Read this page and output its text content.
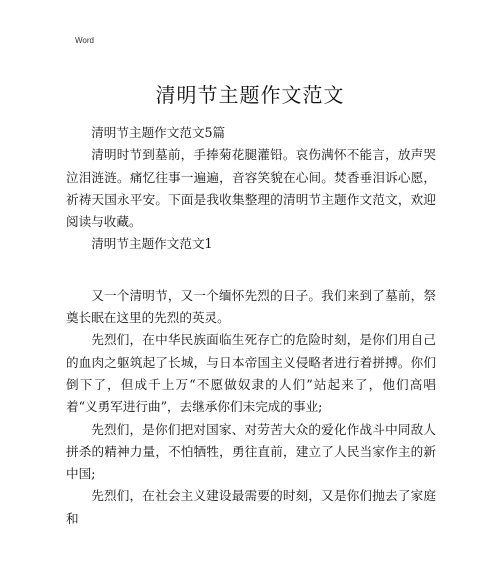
Word
清明节主题作文范文

清明节主题作文范文5篇

清明时节到墓前，手捧菊花腿灌铅。哀伤满怀不能言，放声哭泣泪涟涟。痛忆往事一遍遍，音容笑貌在心间。焚香垂泪诉心愿，祈祷天国永平安。下面是我收集整理的清明节主题作文范文，欢迎阅读与收藏。

清明节主题作文范文1

又一个清明节，又一个缅怀先烈的日子。我们来到了墓前，祭奠长眠在这里的先烈的英灵。

先烈们，在中华民族面临生死存亡的危险时刻，是你们用自己的血肉之躯筑起了长城，与日本帝国主义侵略者进行着拼搏。你们倒下了，但成千上万“不愿做奴隶的人们”站起来了，他们高唱着“义勇军进行曲”，去继承你们未完成的事业;

先烈们，是你们把对国家、对劳苦大众的爱化作战斗中同敌人拼杀的精神力量，不怕牺牲，勇往直前，建立了人民当家作主的新中国;

先烈们，在社会主义建设最需要的时刻，又是你们抛去了家庭和
